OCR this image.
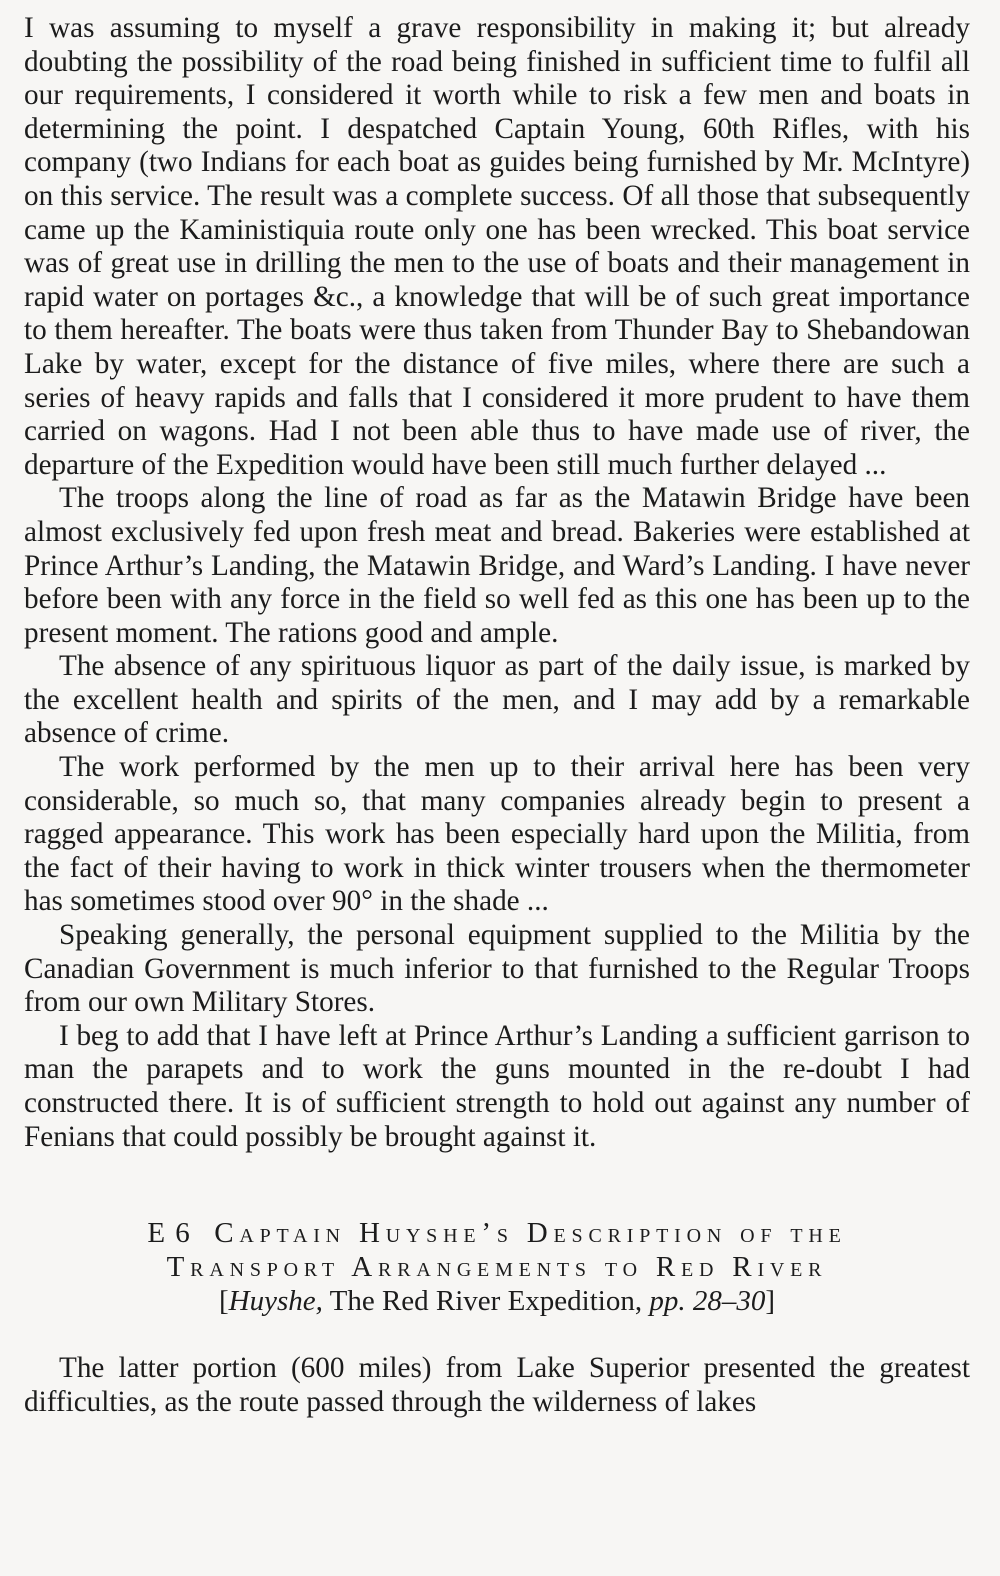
I was assuming to myself a grave responsibility in making it; but already doubting the possibility of the road being finished in sufficient time to fulfil all our requirements, I considered it worth while to risk a few men and boats in determining the point. I despatched Captain Young, 60th Rifles, with his company (two Indians for each boat as guides being furnished by Mr. McIntyre) on this service. The result was a complete success. Of all those that subsequently came up the Kaministiquia route only one has been wrecked. This boat service was of great use in drilling the men to the use of boats and their management in rapid water on portages &c., a knowledge that will be of such great importance to them hereafter. The boats were thus taken from Thunder Bay to Shebandowan Lake by water, except for the distance of five miles, where there are such a series of heavy rapids and falls that I considered it more prudent to have them carried on wagons. Had I not been able thus to have made use of river, the departure of the Expedition would have been still much further delayed ...

The troops along the line of road as far as the Matawin Bridge have been almost exclusively fed upon fresh meat and bread. Bakeries were established at Prince Arthur’s Landing, the Matawin Bridge, and Ward’s Landing. I have never before been with any force in the field so well fed as this one has been up to the present moment. The rations good and ample.

The absence of any spirituous liquor as part of the daily issue, is marked by the excellent health and spirits of the men, and I may add by a remarkable absence of crime.

The work performed by the men up to their arrival here has been very considerable, so much so, that many companies already begin to present a ragged appearance. This work has been especially hard upon the Militia, from the fact of their having to work in thick winter trousers when the thermometer has sometimes stood over 90° in the shade ...

Speaking generally, the personal equipment supplied to the Militia by the Canadian Government is much inferior to that furnished to the Regular Troops from our own Military Stores.

I beg to add that I have left at Prince Arthur’s Landing a sufficient garrison to man the parapets and to work the guns mounted in the re-doubt I had constructed there. It is of sufficient strength to hold out against any number of Fenians that could possibly be brought against it.

E 6 Captain Huyshe’s Description of the
Transport Arrangements to Red River
[Huyshe, The Red River Expedition, pp. 28–30]

The latter portion (600 miles) from Lake Superior presented the greatest difficulties, as the route passed through the wilderness of lakes
